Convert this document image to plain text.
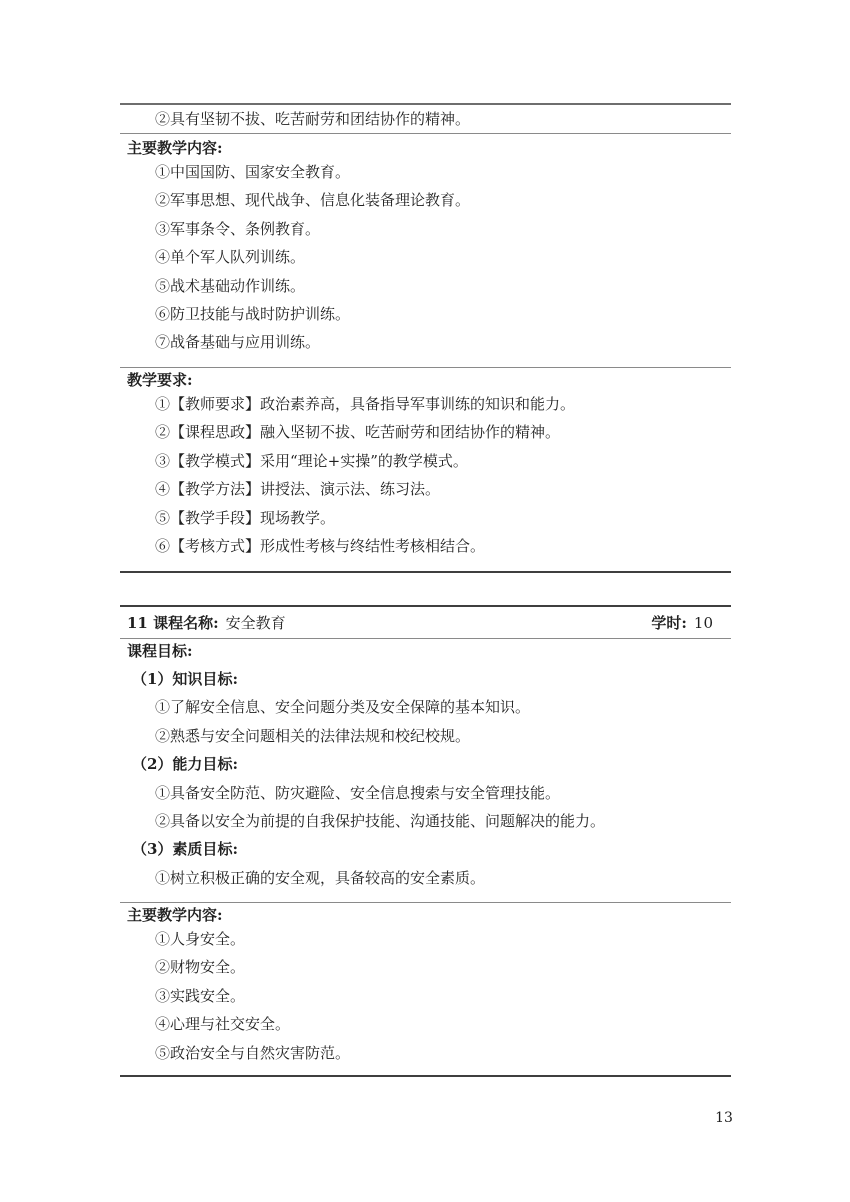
②具有坚韧不拔、吃苦耐劳和团结协作的精神。
主要教学内容:
①中国国防、国家安全教育。
②军事思想、现代战争、信息化装备理论教育。
③军事条令、条例教育。
④单个军人队列训练。
⑤战术基础动作训练。
⑥防卫技能与战时防护训练。
⑦战备基础与应用训练。
教学要求:
①【教师要求】政治素养高，具备指导军事训练的知识和能力。
②【课程思政】融入坚韧不拔、吃苦耐劳和团结协作的精神。
③【教学模式】采用“理论+实操”的教学模式。
④【教学方法】讲授法、演示法、练习法。
⑤【教学手段】现场教学。
⑥【考核方式】形成性考核与终结性考核相结合。
11 课程名称: 安全教育	学时: 10
课程目标:
（1）知识目标:
①了解安全信息、安全问题分类及安全保障的基本知识。
②熟悉与安全问题相关的法律法规和校纪校规。
（2）能力目标:
①具备安全防范、防灾避险、安全信息搜索与安全管理技能。
②具备以安全为前提的自我保护技能、沟通技能、问题解决的能力。
（3）素质目标:
①树立积极正确的安全观，具备较高的安全素质。
主要教学内容:
①人身安全。
②财物安全。
③实践安全。
④心理与社交安全。
⑤政治安全与自然灾害防范。
13
